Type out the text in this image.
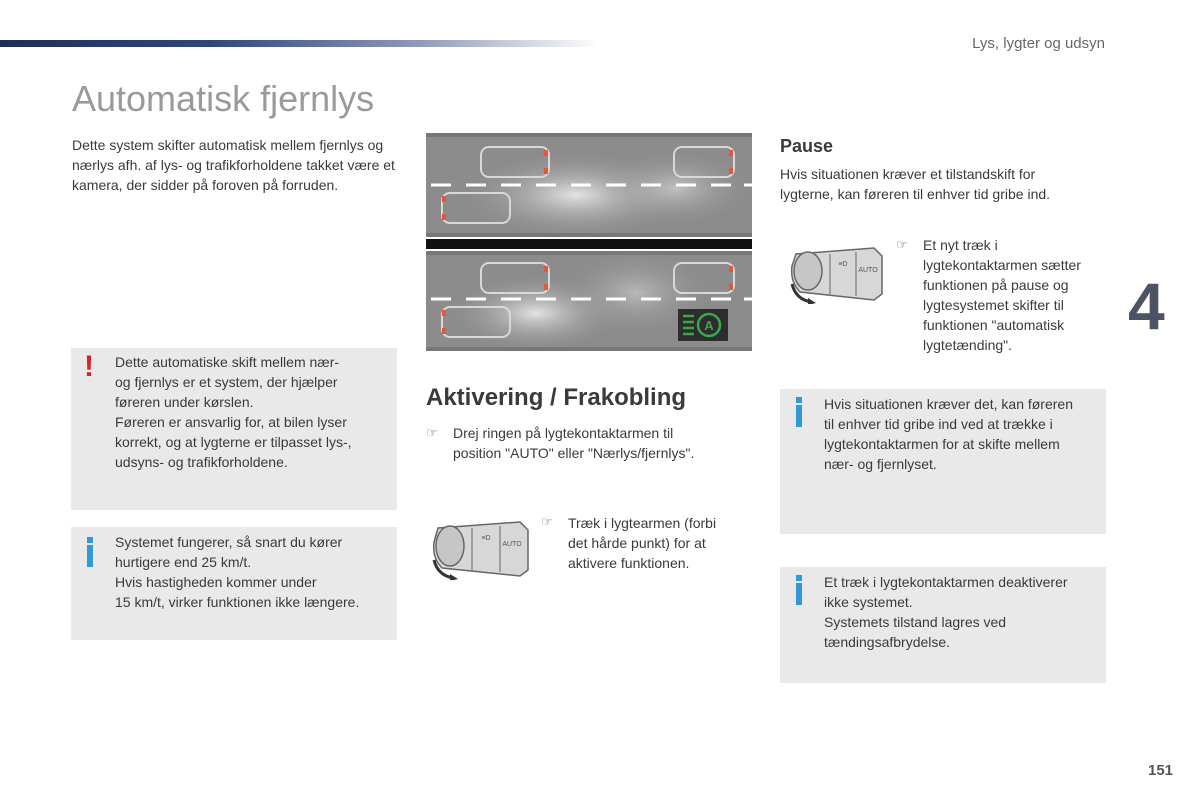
Lys, lygter og udsyn
Automatisk fjernlys
Dette system skifter automatisk mellem fjernlys og nærlys afh. af lys- og trafikforholdene takket være et kamera, der sidder på foroven på forruden.
! Dette automatiske skift mellem nær-
og fjernlys er et system, der hjælper
føreren under kørslen.
Føreren er ansvarlig for, at bilen lyser
korrekt, og at lygterne er tilpasset lys-,
udsyns- og trafikforholdene.
Systemet fungerer, så snart du kører
hurtigere end 25 km/t.
Hvis hastigheden kommer under
15 km/t, virker funktionen ikke længere.
A
Aktivering / Frakobling
☞ Drej ringen på lygtekontaktarmen til
position "AUTO" eller "Nærlys/fjernlys".
≡D
AUTO
☞ Træk i lygtearmen (forbi
det hårde punkt) for at
aktivere funktionen.
Pause
Hvis situationen kræver et tilstandskift for
lygterne, kan føreren til enhver tid gribe ind.
≡D
AUTO
☞ Et nyt træk i
lygtekontaktarmen sætter
funktionen på pause og
lygtesystemet skifter til
funktionen "automatisk
lygtetænding".
Hvis situationen kræver det, kan føreren
til enhver tid gribe ind ved at trække i
lygtekontaktarmen for at skifte mellem
nær- og fjernlyset.
Et træk i lygtekontaktarmen deaktiverer
ikke systemet.
Systemets tilstand lagres ved
tændingsafbrydelse.
4
151
